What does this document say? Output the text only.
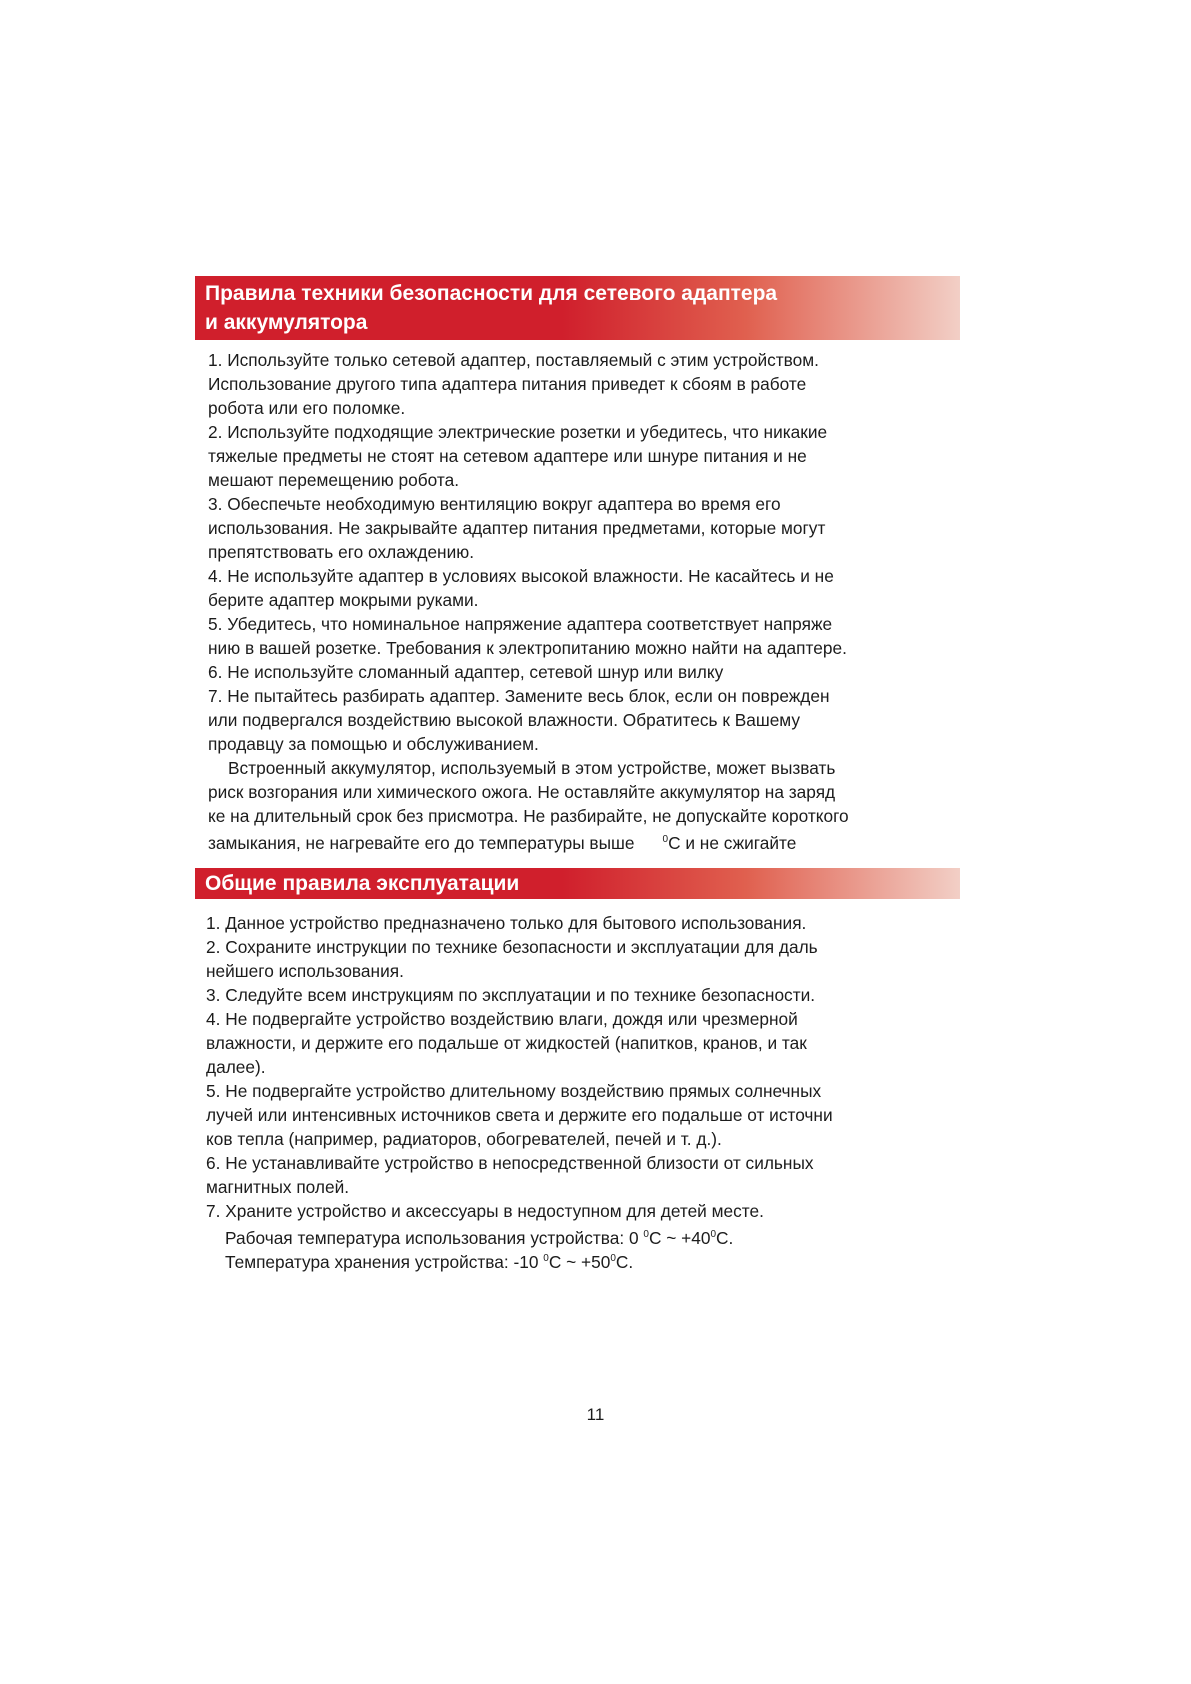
Правила техники безопасности для сетевого адаптера
и аккумулятора
1. Используйте только сетевой адаптер, поставляемый с этим устройством.
Использование другого типа адаптера питания приведет к сбоям в работе
робота или его поломке.
2. Используйте подходящие электрические розетки и убедитесь, что никакие
тяжелые предметы не стоят на сетевом адаптере или шнуре питания и не
мешают перемещению робота.
3. Обеспечьте необходимую вентиляцию вокруг адаптера во время его
использования. Не закрывайте адаптер питания предметами, которые могут
препятствовать его охлаждению.
4. Не используйте адаптер в условиях высокой влажности. Не касайтесь и не
берите адаптер мокрыми руками.
5. Убедитесь, что номинальное напряжение адаптера соответствует напряже
нию в вашей розетке. Требования к электропитанию можно найти на адаптере.
6. Не используйте сломанный адаптер, сетевой шнур или вилку
7. Не пытайтесь разбирать адаптер. Замените весь блок, если он поврежден
или подвергался воздействию высокой влажности. Обратитесь к Вашему
продавцу за помощью и обслуживанием.
Встроенный аккумулятор, используемый в этом устройстве, может вызвать
риск возгорания или химического ожога. Не оставляйте аккумулятор на заряд
ке на длительный срок без присмотра. Не разбирайте, не допускайте короткого
замыкания, не нагревайте его до температуры выше	$^0$С и не сжигайте
Общие правила эксплуатации
1. Данное устройство предназначено только для бытового использования.
2. Сохраните инструкции по технике безопасности и эксплуатации для даль
нейшего использования.
3. Следуйте всем инструкциям по эксплуатации и по технике безопасности.
4. Не подвергайте устройство воздействию влаги, дождя или чрезмерной
влажности, и держите его подальше от жидкостей (напитков, кранов, и так
далее).
5. Не подвергайте устройство длительному воздействию прямых солнечных
лучей или интенсивных источников света и держите его подальше от источни
ков тепла (например, радиаторов, обогревателей, печей и т. д.).
6. Не устанавливайте устройство в непосредственной близости от сильных
магнитных полей.
7. Храните устройство и аксессуары в недоступном для детей месте.
Рабочая температура использования устройства: 0 $^0$С ~ $+40^0С$.
Температура хранения устройства: -10 $^0$С ~ $+50^0С$.
11
